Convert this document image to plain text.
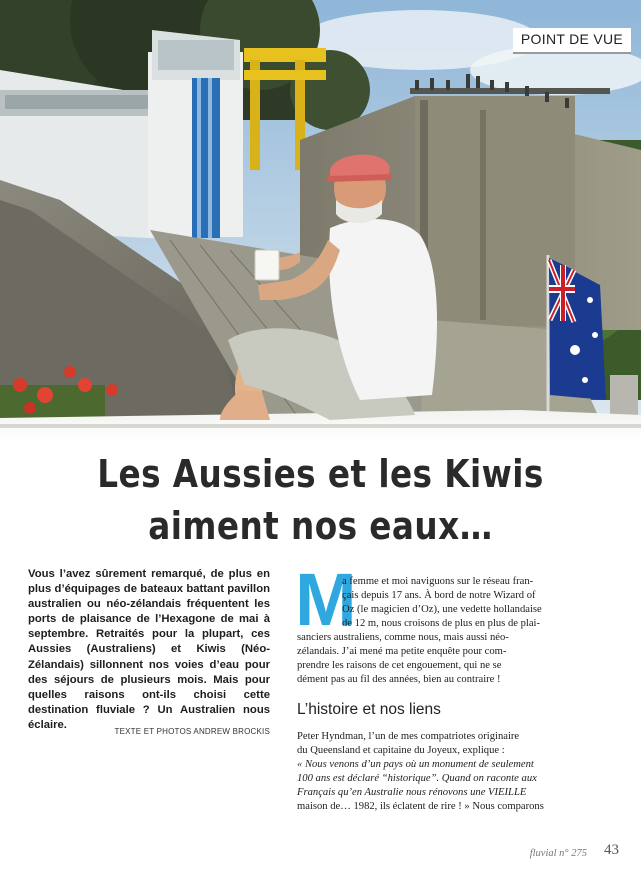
POINT DE VUE
Les Aussies et les Kiwis
aiment nos eaux…
Vous l’avez sûrement remarqué, de plus en plus d’équipages de bateaux battant pavillon australien ou néo-zélandais fréquentent les ports de plaisance de l’Hexagone de mai à septembre. Retraités pour la plupart, ces Aussies (Australiens) et Kiwis (Néo-Zélandais) sillonnent nos voies d’eau pour des séjours de plusieurs mois. Mais pour quelles raisons ont-ils choisi cette destination fluviale ? Un Australien nous éclaire.
TEXTE ET PHOTOS ANDREW BROCKIS
M
a femme et moi naviguons sur le réseau fran-
çais depuis 17 ans. À bord de notre Wizard of
Oz (le magicien d’Oz), une vedette hollandaise
de 12 m, nous croisons de plus en plus de plai-
sanciers australiens, comme nous, mais aussi néo-
zélandais. J’ai mené ma petite enquête pour com-
prendre les raisons de cet engouement, qui ne se
dément pas au fil des années, bien au contraire !
L’histoire et nos liens
Peter Hyndman, l’un de mes compatriotes originaire
du Queensland et capitaine du Joyeux, explique :
« Nous venons d’un pays où un monument de seulement
100 ans est déclaré “historique”. Quand on raconte aux
Français qu’en Australie nous rénovons une VIEILLE
maison de… 1982, ils éclatent de rire ! » Nous comparons
fluvial n° 275 43
